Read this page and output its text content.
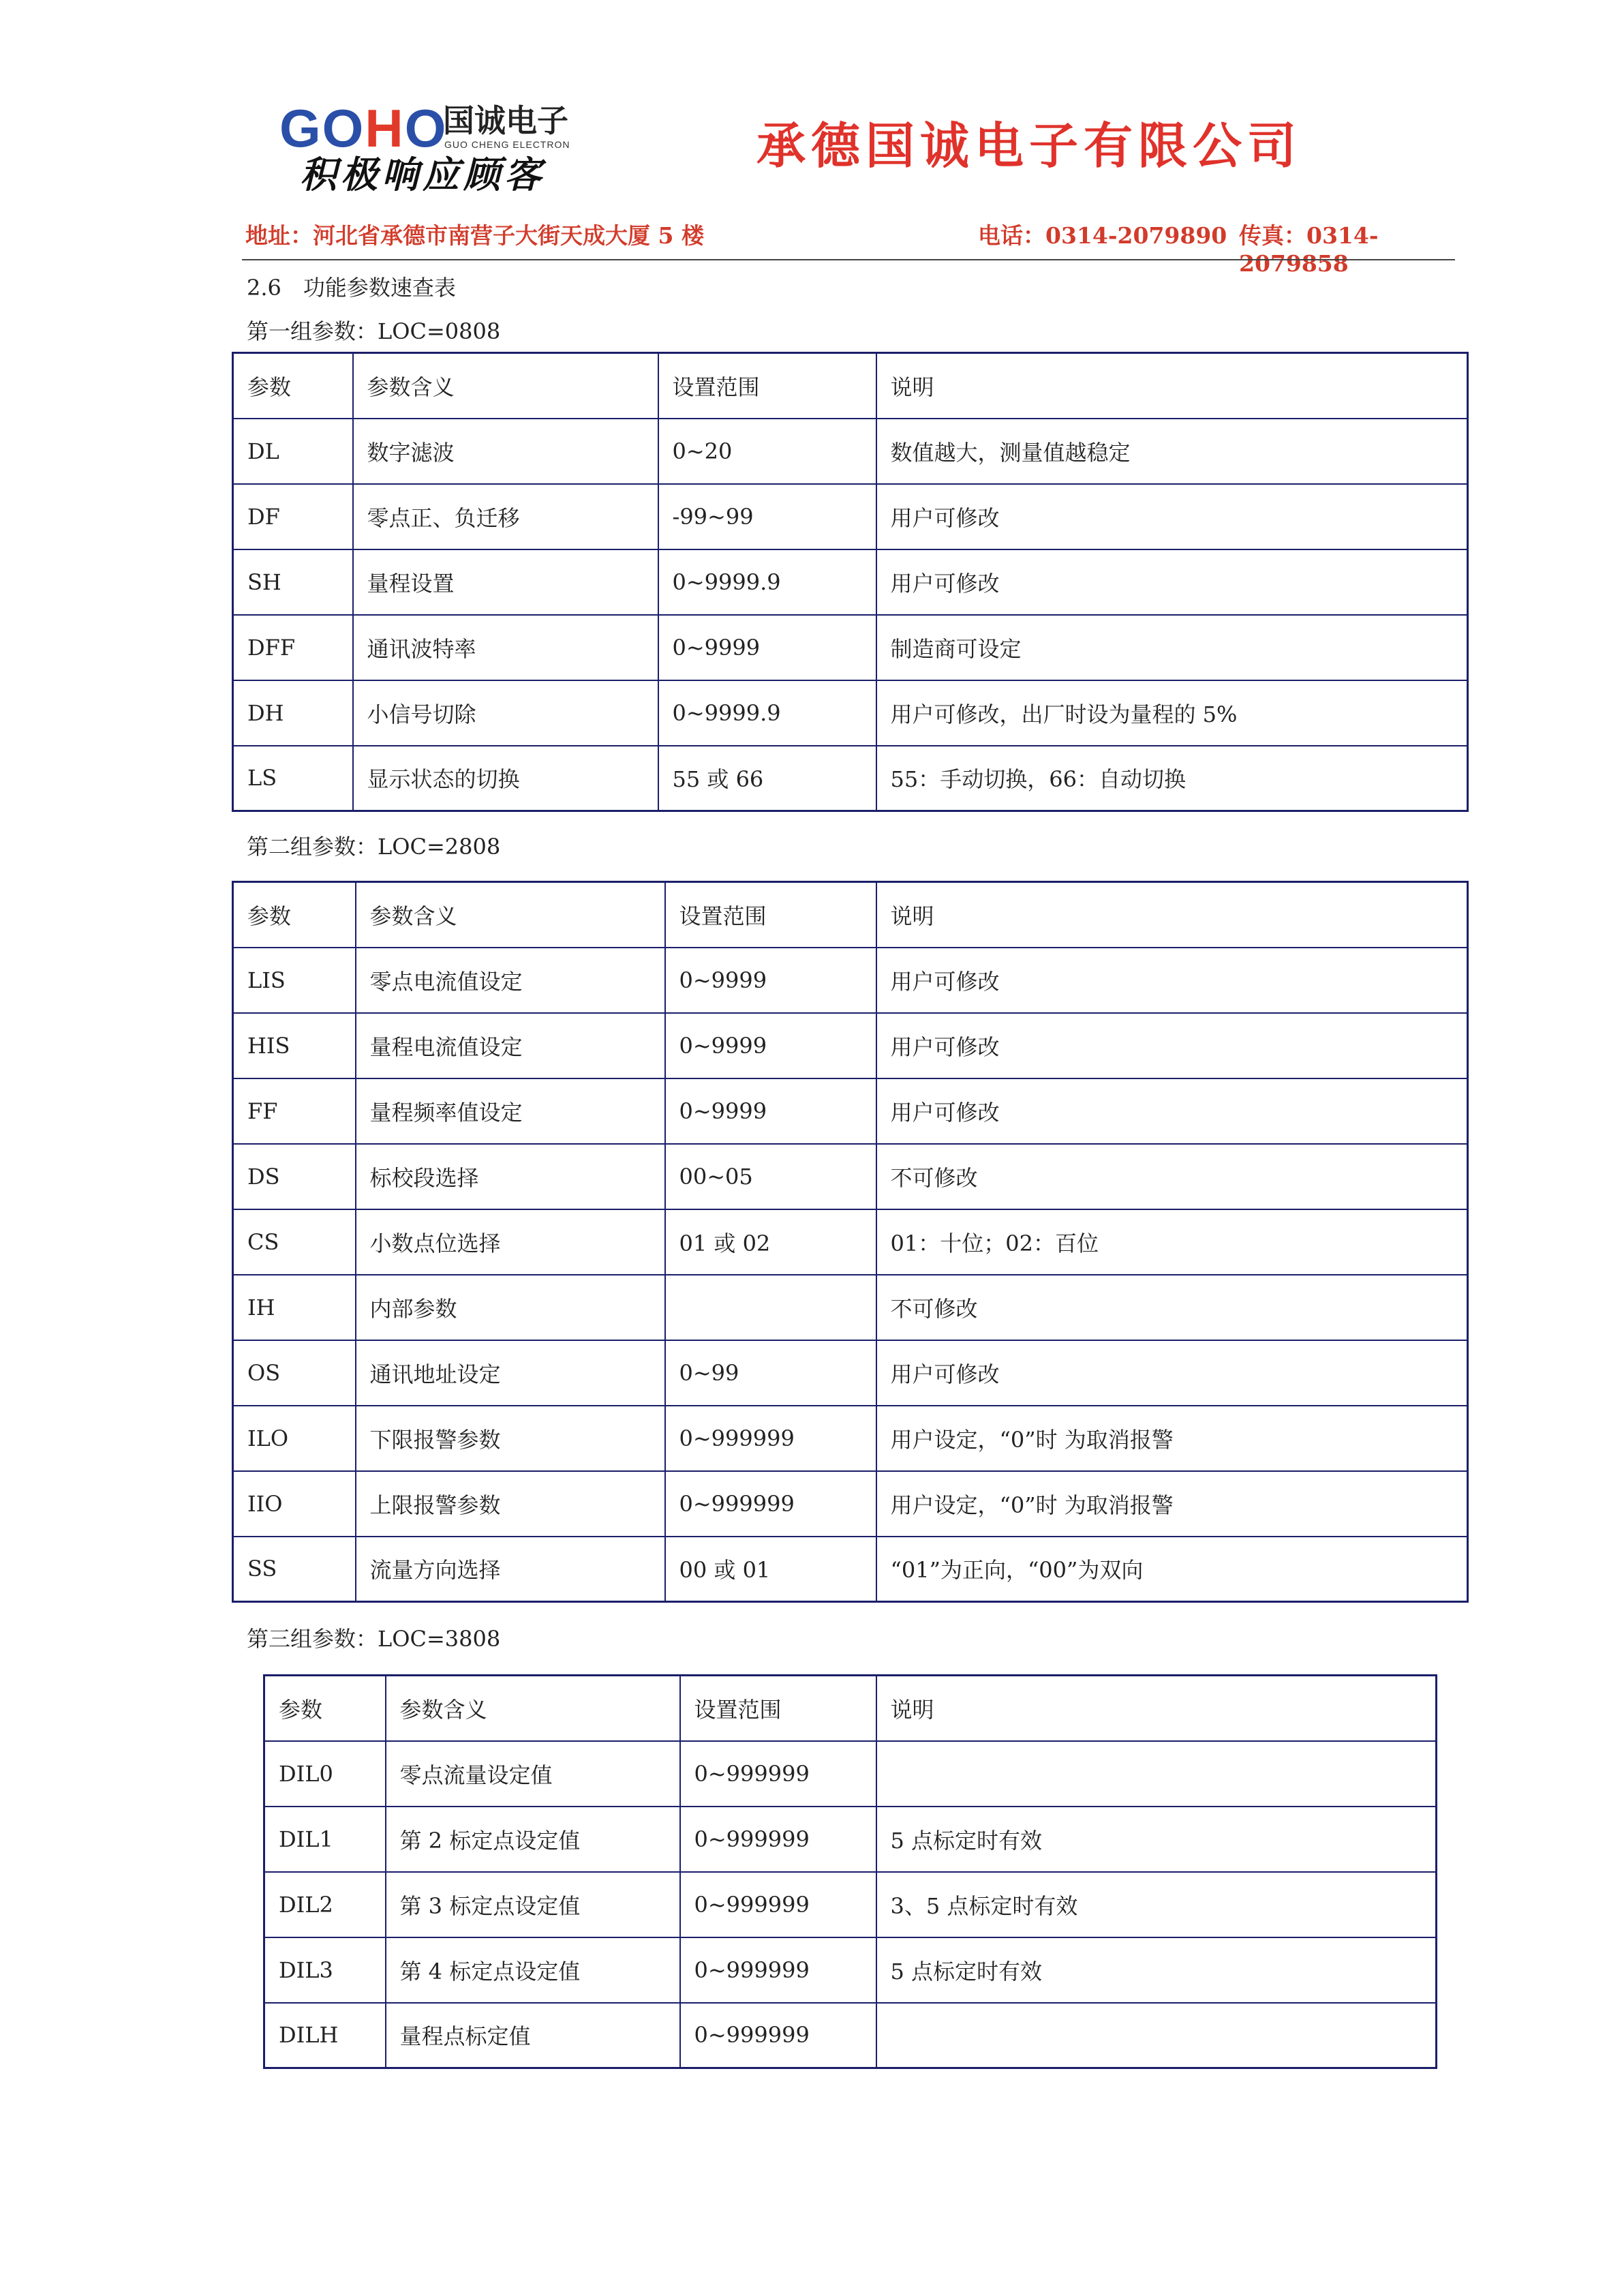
GOHO
国诚电子
GUO CHENG ELECTRON
积极响应顾客	承德国诚电子有限公司
地址：河北省承德市南营子大街天成大厦 5 楼	电话：0314-2079890 传真：0314-2079858
2.6　功能参数速查表
第一组参数：LOC=0808
参数	参数含义	设置范围	说明
DL	数字滤波	0~20	数值越大，测量值越稳定
DF	零点正、负迁移	-99~99	用户可修改
SH	量程设置	0~9999.9	用户可修改
DFF	通讯波特率	0~9999	制造商可设定
DH	小信号切除	0~9999.9	用户可修改，出厂时设为量程的 5%
LS	显示状态的切换	55 或 66	55：手动切换，66：自动切换
第二组参数：LOC=2808
参数	参数含义	设置范围	说明
LIS	零点电流值设定	0~9999	用户可修改
HIS	量程电流值设定	0~9999	用户可修改
FF	量程频率值设定	0~9999	用户可修改
DS	标校段选择	00~05	不可修改
CS	小数点位选择	01 或 02	01：十位；02：百位
IH	内部参数		不可修改
OS	通讯地址设定	0~99	用户可修改
ILO	下限报警参数	0~999999	用户设定，“0”时 为取消报警
IIO	上限报警参数	0~999999	用户设定，“0”时 为取消报警
SS	流量方向选择	00 或 01	“01”为正向，“00”为双向
第三组参数：LOC=3808
参数	参数含义	设置范围	说明
DIL0	零点流量设定值	0~999999	
DIL1	第 2 标定点设定值	0~999999	5 点标定时有效
DIL2	第 3 标定点设定值	0~999999	3、5 点标定时有效
DIL3	第 4 标定点设定值	0~999999	5 点标定时有效
DILH	量程点标定值	0~999999	
